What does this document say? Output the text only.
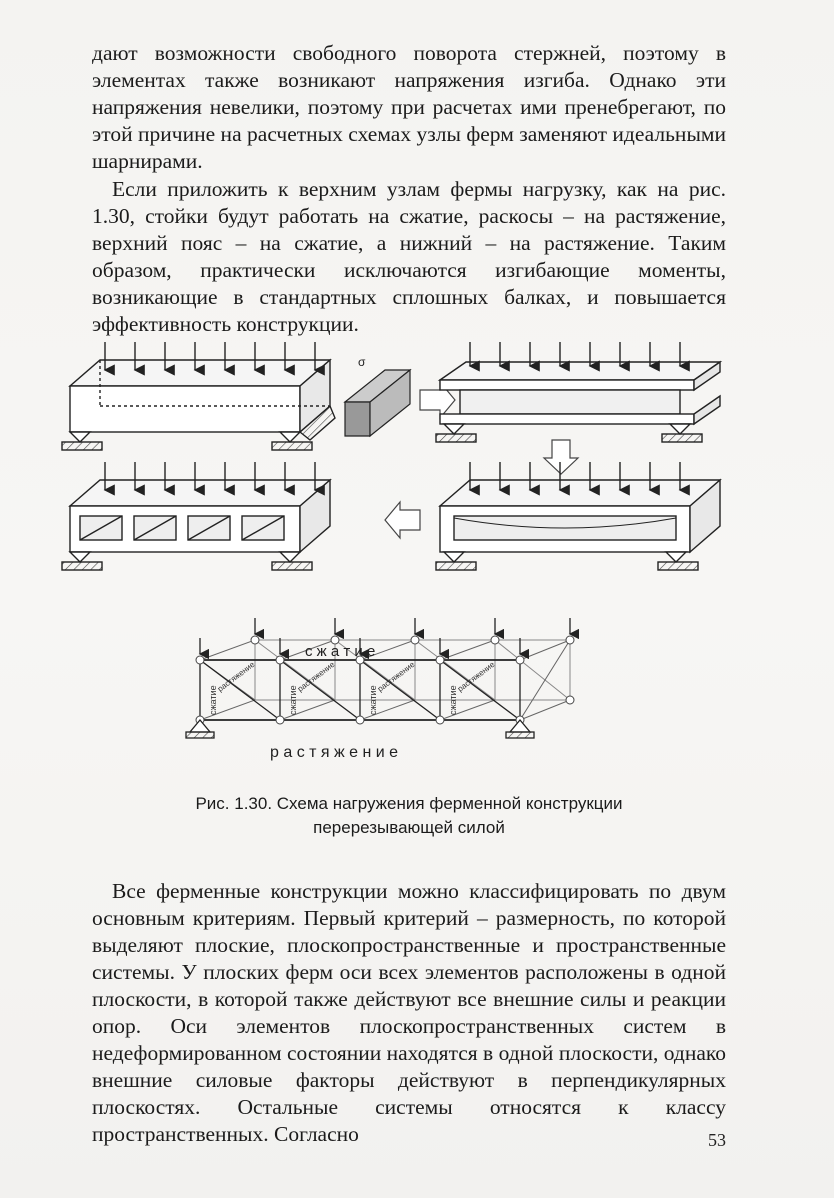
дают возможности свободного поворота стержней, поэтому в элементах также возникают напряжения изгиба. Однако эти напряжения невелики, поэтому при расчетах ими пренебрегают, по этой причине на расчетных схемах узлы ферм заменяют идеальными шарнирами.

Если приложить к верхним узлам фермы нагрузку, как на рис. 1.30, стойки будут работать на сжатие, раскосы – на растяжение, верхний пояс – на сжатие, а нижний – на растяжение. Таким образом, практически исключаются изгибающие моменты, возникающие в стандартных сплошных балках, и повышается эффективность конструкции.

σ
с ж а т и е
р а с т я ж е н и е
сжатие	сжатие	сжатие	сжатие
растяжение	растяжение	растяжение	растяжение

Рис. 1.30. Схема нагружения ферменной конструкции
перерезывающей силой

Все ферменные конструкции можно классифицировать по двум основным критериям. Первый критерий – размерность, по которой выделяют плоские, плоскопространственные и пространственные системы. У плоских ферм оси всех элементов расположены в одной плоскости, в которой также действуют все внешние силы и реакции опор. Оси элементов плоскопространственных систем в недеформированном состоянии находятся в одной плоскости, однако внешние силовые факторы действуют в перпендикулярных плоскостях. Остальные системы относятся к классу пространственных. Согласно	53
